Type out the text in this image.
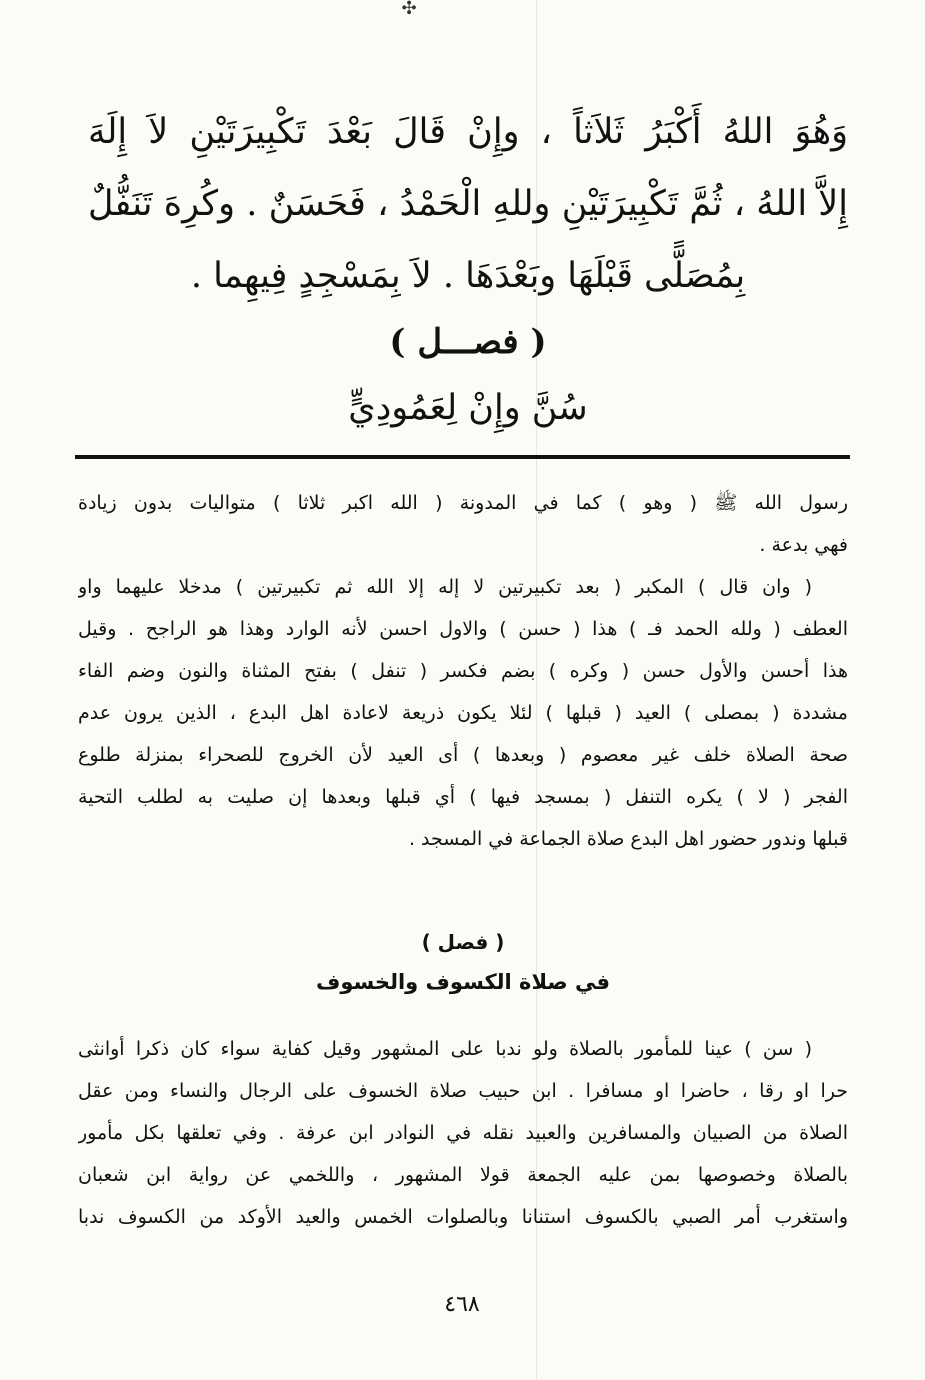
✣
وَهُوَ اللهُ أَكْبَرُ ثَلاَثاً ، وإِنْ قَالَ بَعْدَ تَكْبِيرَتَيْنِ لاَ إِلَهَ
إِلاَّ اللهُ ، ثُمَّ تَكْبِيرَتَيْنِ وللهِ الْحَمْدُ ، فَحَسَنٌ . وكُرِهَ تَنَفُّلٌ
بِمُصَلًّى قَبْلَهَا وبَعْدَهَا . لاَ بِمَسْجِدٍ فِيهِما .
( فصـــل )
سُنَّ وإِنْ لِعَمُودِيٍّ
رسول الله ﷺ ( وهو ) كما في المدونة ( الله اكبر ثلاثا ) متواليات بدون زيادة
فهي بدعة .
( وان قال ) المكبر ( بعد تكبيرتين لا إله إلا الله ثم تكبيرتين ) مدخلا عليهما واو
العطف ( ولله الحمد فـ ) هذا ( حسن ) والاول احسن لأنه الوارد وهذا هو الراجح . وقيل
هذا أحسن والأول حسن ( وكره ) بضم فكسر ( تنفل ) بفتح المثناة والنون وضم الفاء
مشددة ( بمصلى ) العيد ( قبلها ) لئلا يكون ذريعة لاعادة اهل البدع ، الذين يرون عدم
صحة الصلاة خلف غير معصوم ( وبعدها ) أى العيد لأن الخروج للصحراء بمنزلة طلوع
الفجر ( لا ) يكره التنفل ( بمسجد فيها ) أي قبلها وبعدها إن صليت به لطلب التحية
قبلها وندور حضور اهل البدع صلاة الجماعة في المسجد .
( فصل )
في صلاة الكسوف والخسوف
( سن ) عينا للمأمور بالصلاة ولو ندبا على المشهور وقيل كفاية سواء كان ذكرا أوانثى
حرا او رقا ، حاضرا او مسافرا . ابن حبيب صلاة الخسوف على الرجال والنساء ومن عقل
الصلاة من الصبيان والمسافرين والعبيد نقله في النوادر ابن عرفة . وفي تعلقها بكل مأمور
بالصلاة وخصوصها بمن عليه الجمعة قولا المشهور ، واللخمي عن رواية ابن شعبان
واستغرب أمر الصبي بالكسوف استنانا وبالصلوات الخمس والعيد الأوكد من الكسوف ندبا
٤٦٨
